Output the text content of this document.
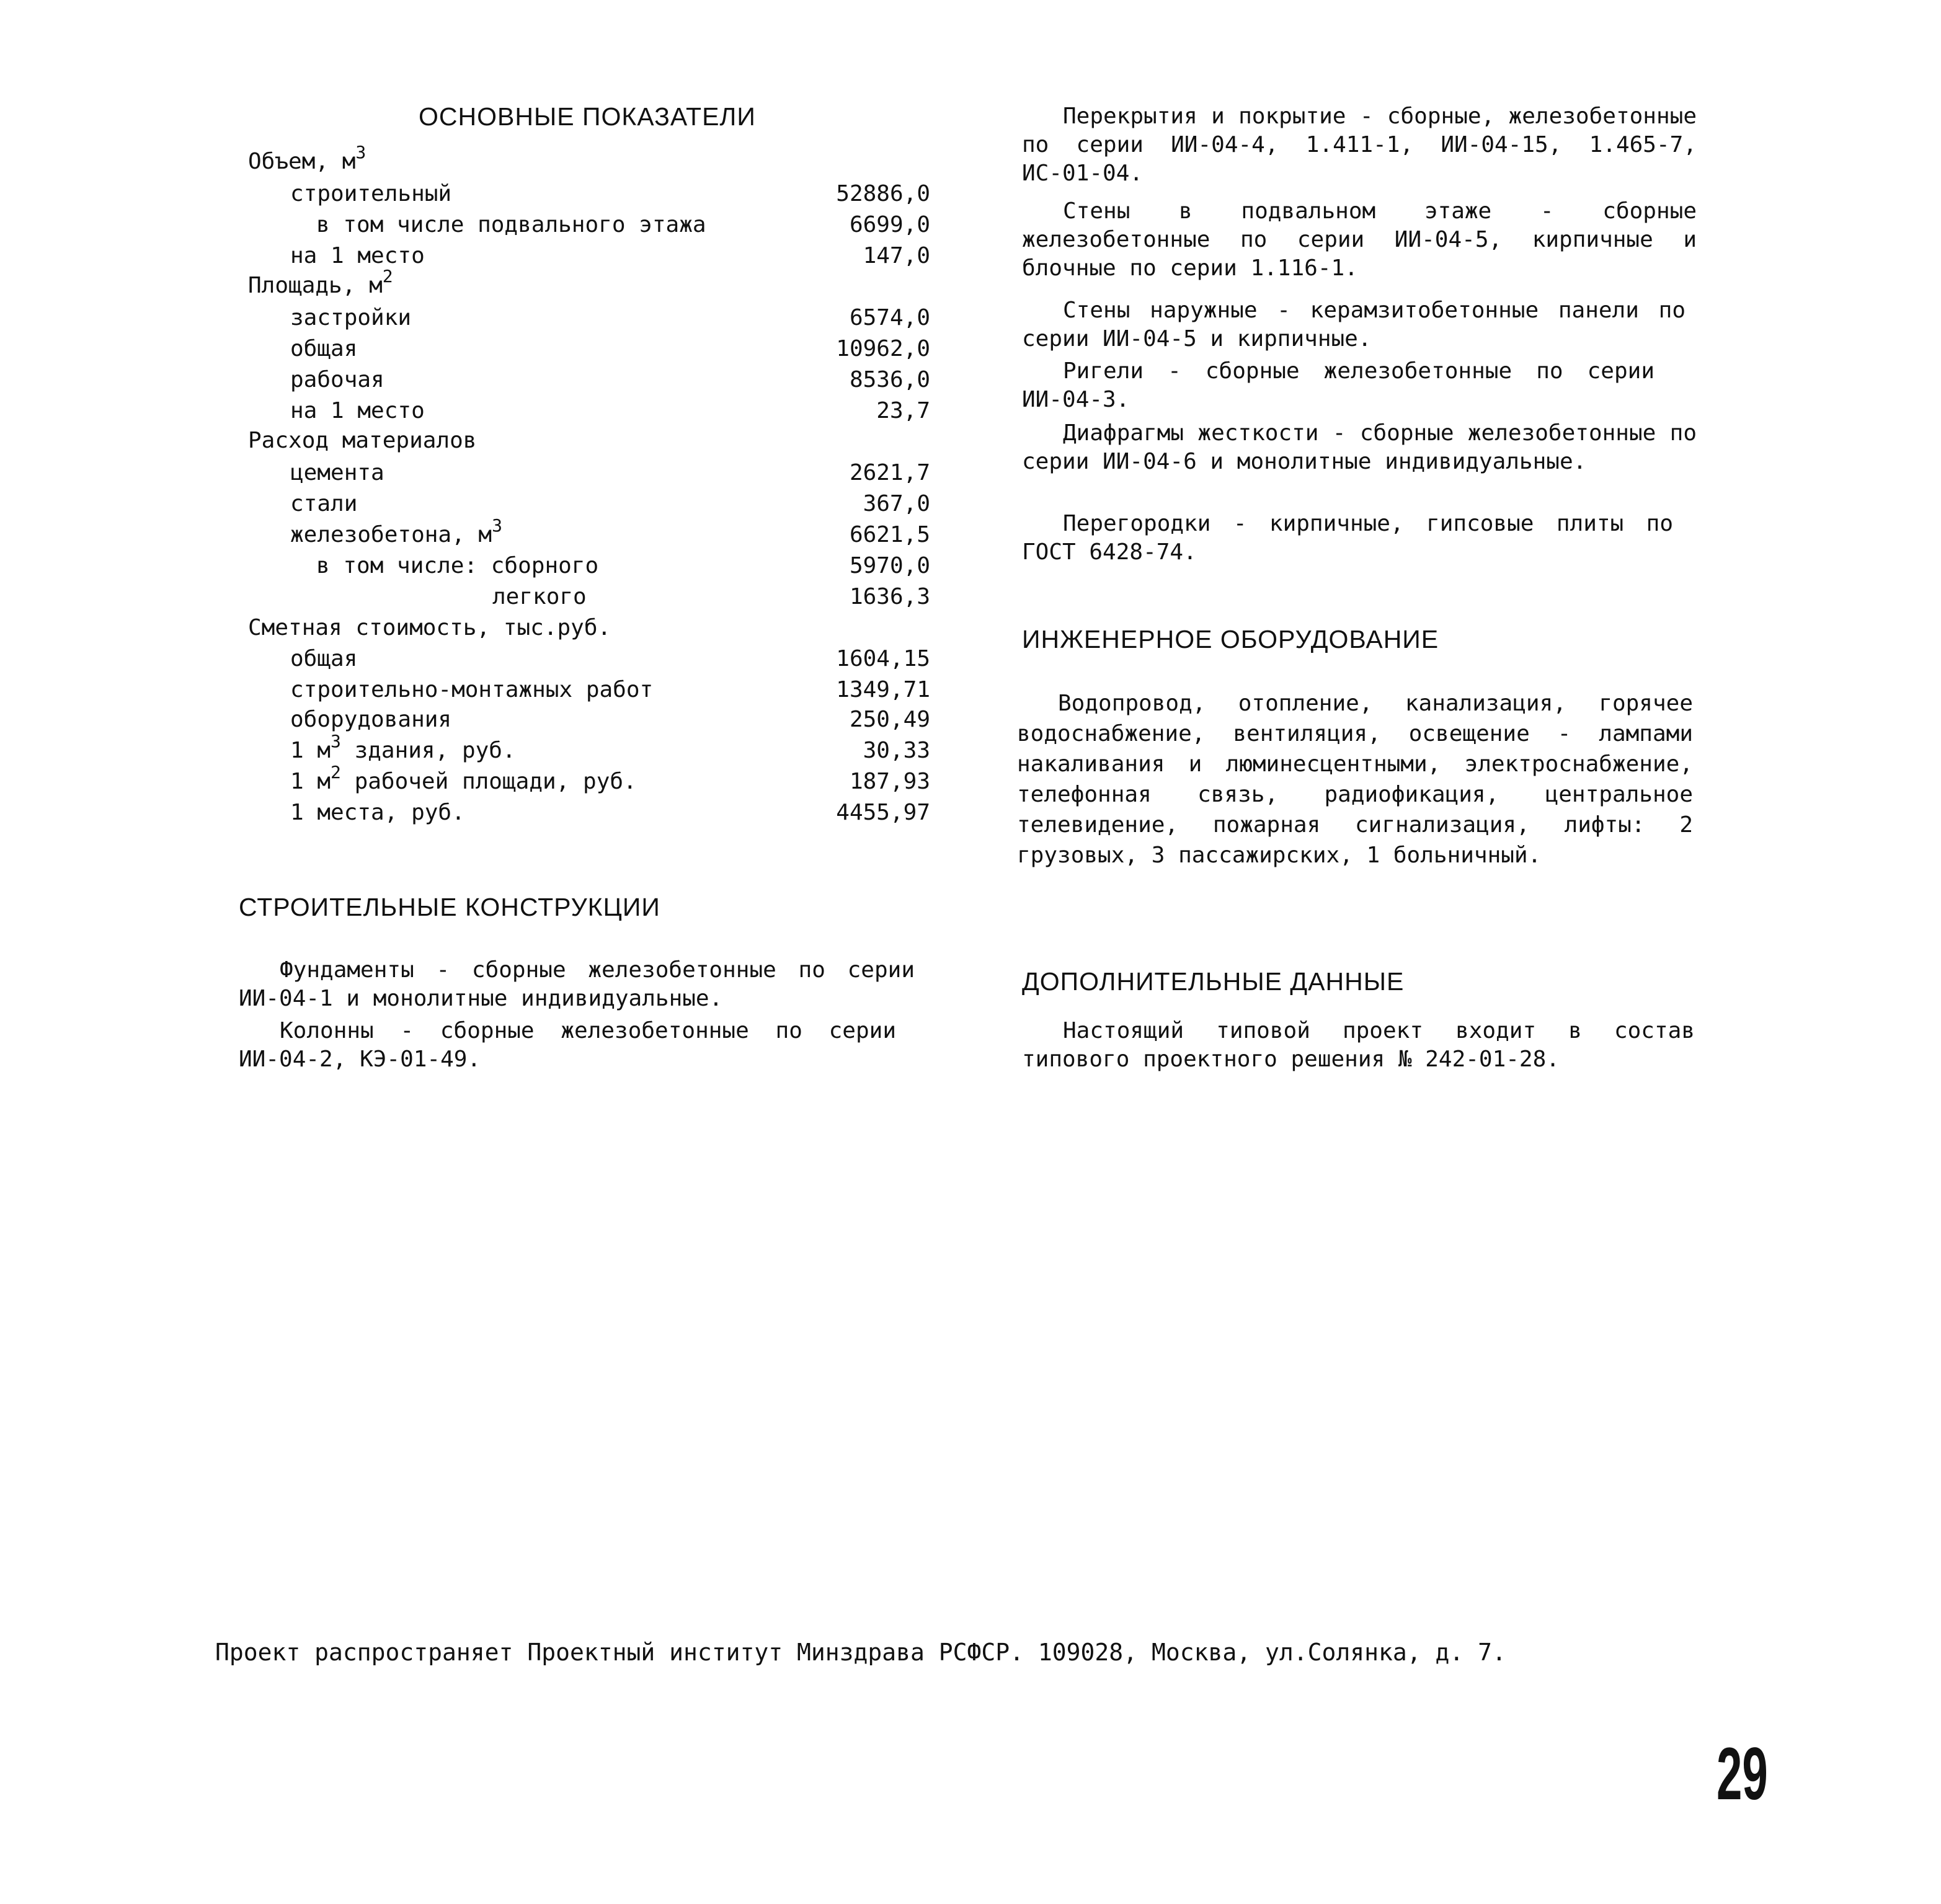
ОСНОВНЫЕ ПОКАЗАТЕЛИ
Объем, $м^3$
строительный	52886,0
в том числе подвального этажа	6699,0
на 1 место	147,0
Площадь, $м^2$
застройки	6574,0
общая	10962,0
рабочая	8536,0
на 1 место	23,7
Расход материалов
цемента	2621,7
стали	367,0
железобетона, $м^3$	6621,5
в том числе: сборного	5970,0
легкого	1636,3
Сметная стоимость, тыс.руб.
общая	1604,15
строительно-монтажных работ	1349,71
оборудования	250,49
1 $м^3$ здания, руб.	30,33
1 $м^2$ рабочей площади, руб.	187,93
1 места, руб.	4455,97
СТРОИТЕЛЬНЫЕ КОНСТРУКЦИИ

Фундаменты - сборные железобетонные по серии ИИ-04-1 и монолитные индивидуальные.

Колонны - сборные железобетонные по серии ИИ-04-2, КЭ-01-49.

Перекрытия и покрытие - сборные, железобетонные по серии ИИ-04-4, 1.411-1, ИИ-04-15, 1.465-7, ИС-01-04.

Стены в подвальном этаже - сборные железобетонные по серии ИИ-04-5, кирпичные и блочные по серии 1.116-1.

Стены наружные - керамзитобетонные панели по серии ИИ-04-5 и кирпичные.

Ригели - сборные железобетонные по серии ИИ-04-3.

Диафрагмы жесткости - сборные железобетонные по серии ИИ-04-6 и монолитные индивидуальные.

Перегородки - кирпичные, гипсовые плиты по ГОСТ 6428-74.

ИНЖЕНЕРНОЕ ОБОРУДОВАНИЕ

Водопровод, отопление, канализация, горячее водоснабжение, вентиляция, освещение - лампами накаливания и люминесцентными, электроснабжение, телефонная связь, радиофикация, центральное телевидение, пожарная сигнализация, лифты: 2 грузовых, 3 пассажирских, 1 больничный.

ДОПОЛНИТЕЛЬНЫЕ ДАННЫЕ

Настоящий типовой проект входит в состав типового проектного решения № 242-01-28.

Проект распространяет Проектный институт Минздрава РСФСР. 109028, Москва, ул.Солянка, д. 7.
29
